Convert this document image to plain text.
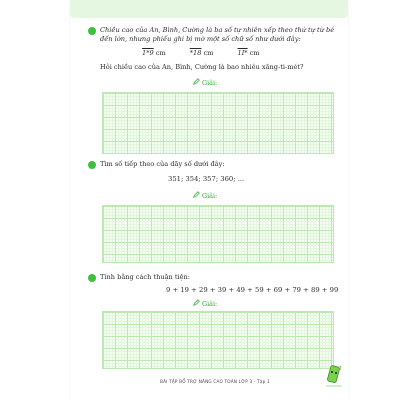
Chiều cao của An, Bình, Cường là ba số tự nhiên xếp theo thứ tự từ bé đến lớn, nhưng phiếu ghi bị mờ một số chữ số như dưới đây:
1*9 cm	*18 cm	1I* cm
Hỏi chiều cao của An, Bình, Cường là bao nhiêu xăng-ti-mét?
Giải:
Tìm số tiếp theo của dãy số dưới đây:
351; 354; 357; 360; ...
Giải:
Tính bằng cách thuận tiện:
9 + 19 + 29 + 39 + 49 + 59 + 69 + 79 + 89 + 99
Giải:
BÀI TẬP BỔ TRỢ NÂNG CAO TOÁN LỚP 3 - Tập 1
?
